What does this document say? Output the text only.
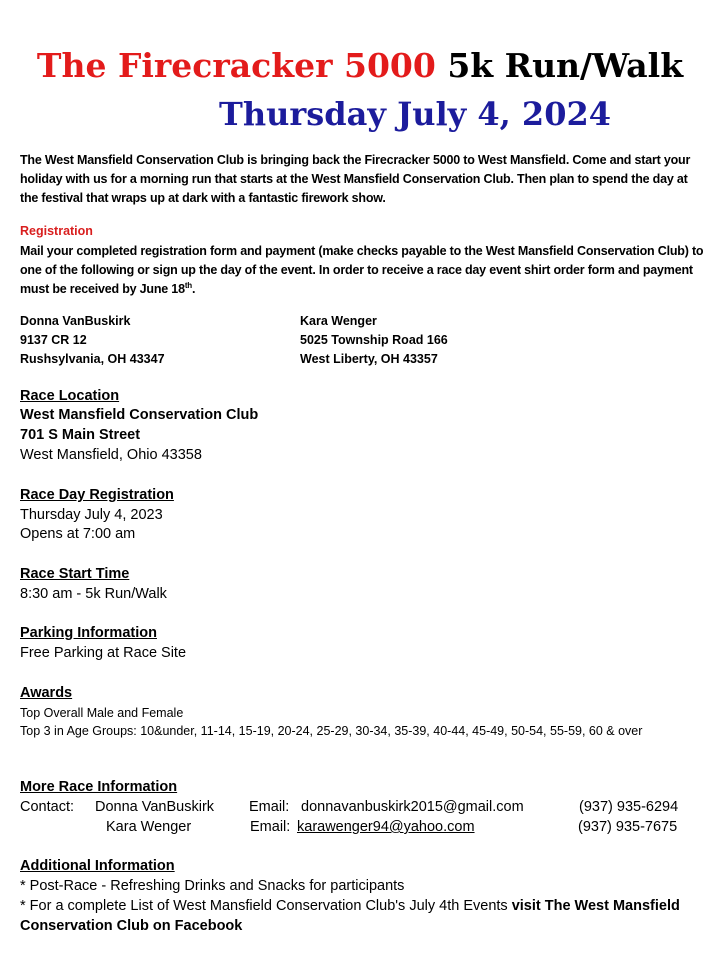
The Firecracker 5000 5k Run/Walk
Thursday July 4, 2024
The West Mansfield Conservation Club is bringing back the Firecracker 5000 to West Mansfield. Come and start your holiday with us for a morning run that starts at the West Mansfield Conservation Club. Then plan to spend the day at the festival that wraps up at dark with a fantastic firework show.
Registration
Mail your completed registration form and payment (make checks payable to the West Mansfield Conservation Club) to one of the following or sign up the day of the event. In order to receive a race day event shirt order form and payment must be received by June 18th.
Donna VanBuskirk
9137 CR 12
Rushsylvania, OH 43347
Kara Wenger
5025 Township Road 166
West Liberty, OH 43357
Race Location
West Mansfield Conservation Club
701 S Main Street
West Mansfield, Ohio 43358
Race Day Registration
Thursday July 4, 2023
Opens at 7:00 am
Race Start Time
8:30 am - 5k Run/Walk
Parking Information
Free Parking at Race Site
Awards
Top Overall Male and Female
Top 3 in Age Groups: 10&under, 11-14, 15-19, 20-24, 25-29, 30-34, 35-39, 40-44, 45-49, 50-54, 55-59, 60 & over
More Race Information
Contact: Donna VanBuskirk Email: donnavanbuskirk2015@gmail.com	(937) 935-6294
Kara Wenger	Email: karawenger94@yahoo.com	(937) 935-7675
Additional Information
* Post-Race - Refreshing Drinks and Snacks for participants
* For a complete List of West Mansfield Conservation Club's July 4th Events visit The West Mansfield Conservation Club on Facebook
